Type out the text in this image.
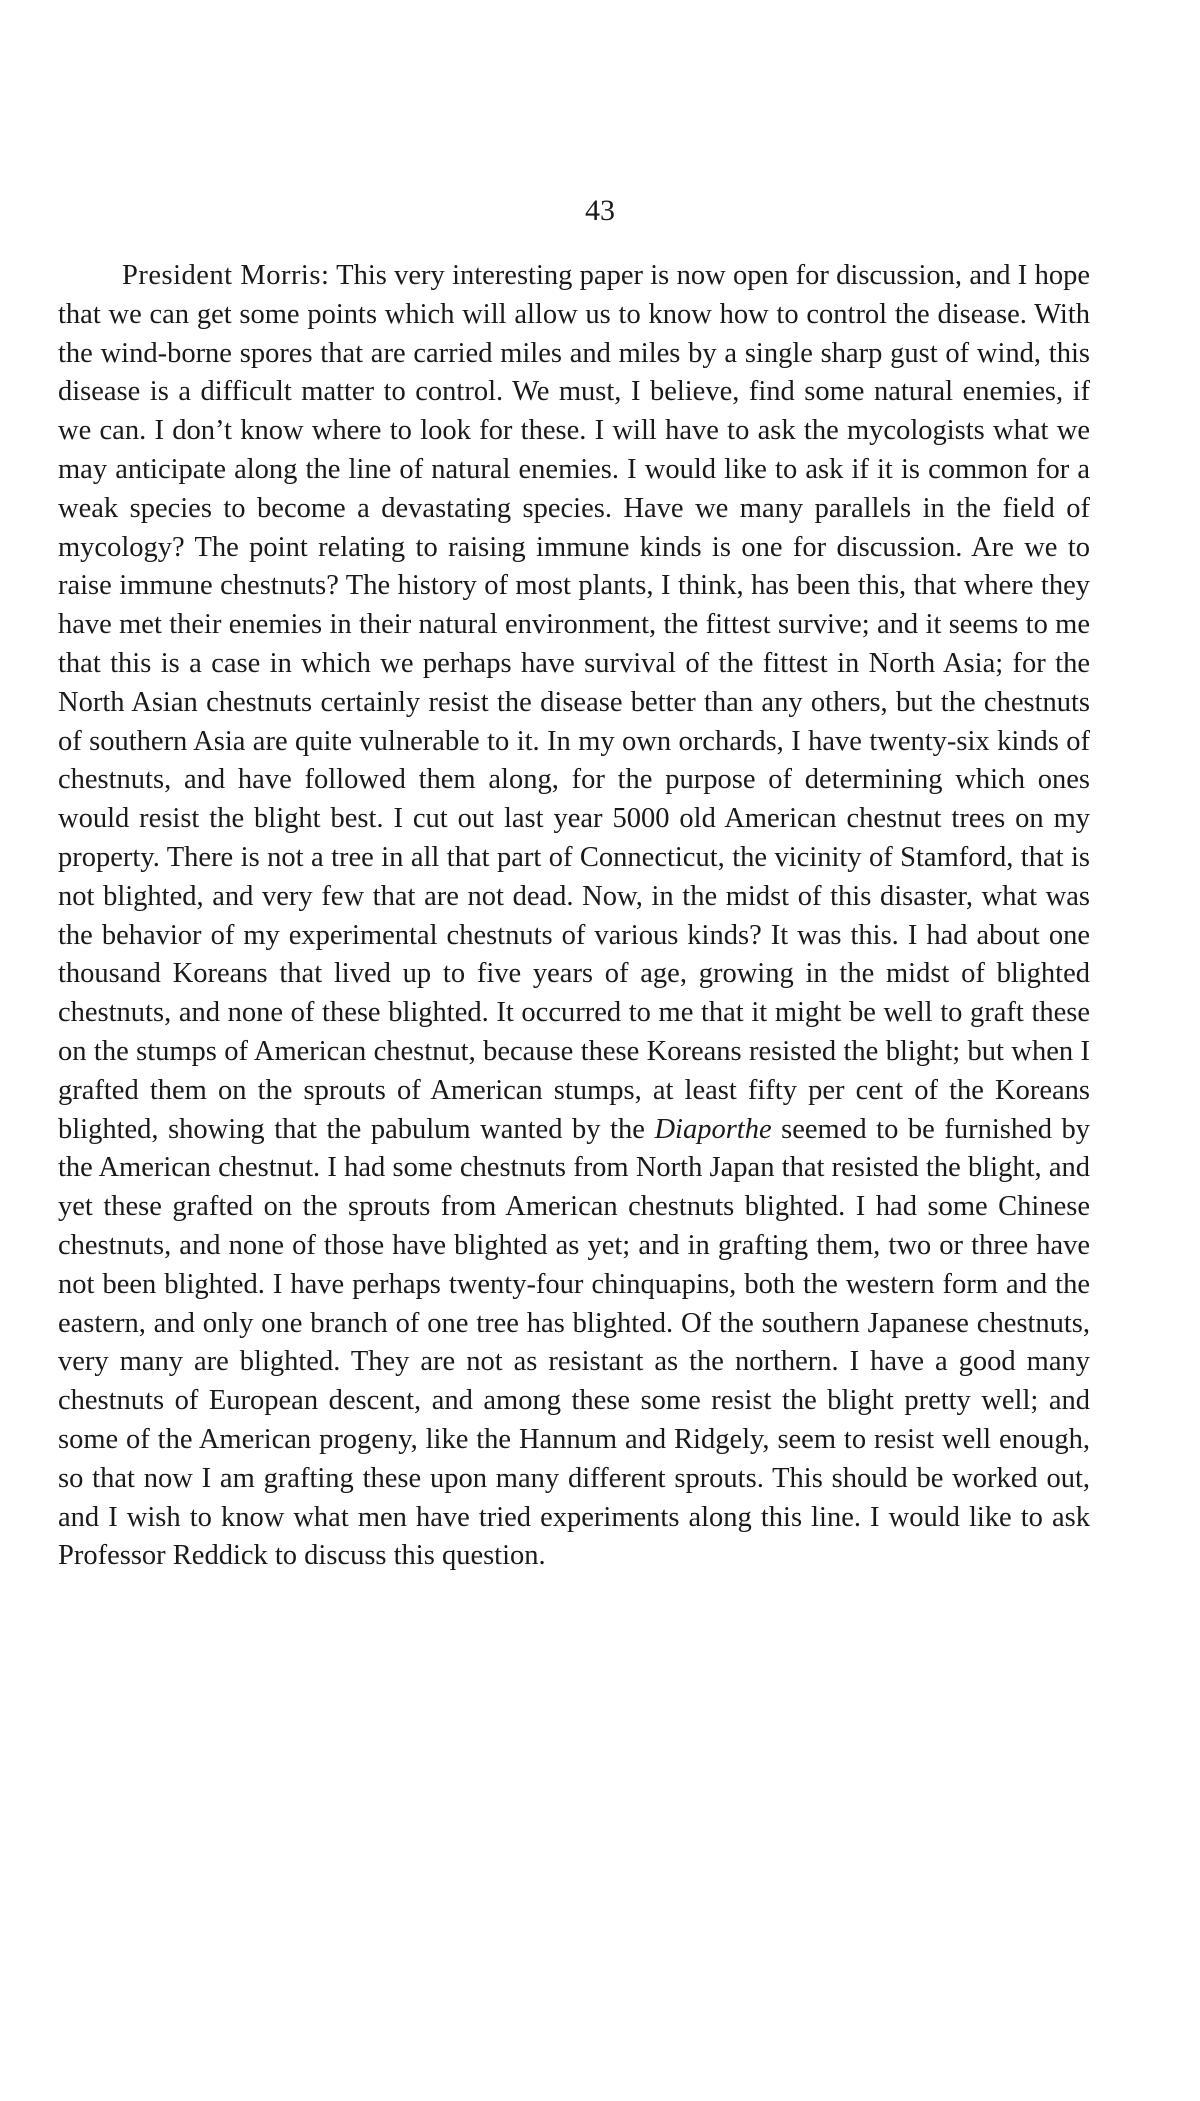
43

President Morris: This very interesting paper is now open for discussion, and I hope that we can get some points which will allow us to know how to control the disease. With the wind-borne spores that are carried miles and miles by a single sharp gust of wind, this disease is a difficult matter to control. We must, I believe, find some natural enemies, if we can. I don’t know where to look for these. I will have to ask the mycologists what we may anticipate along the line of natural enemies. I would like to ask if it is common for a weak species to become a devastating species. Have we many parallels in the field of mycology? The point relating to raising immune kinds is one for discussion. Are we to raise immune chestnuts? The history of most plants, I think, has been this, that where they have met their enemies in their natural environment, the fittest survive; and it seems to me that this is a case in which we perhaps have survival of the fittest in North Asia; for the North Asian chestnuts certainly resist the disease better than any others, but the chestnuts of southern Asia are quite vulnerable to it. In my own orchards, I have twenty-six kinds of chestnuts, and have followed them along, for the purpose of determining which ones would resist the blight best. I cut out last year 5000 old American chestnut trees on my property. There is not a tree in all that part of Connecticut, the vicinity of Stamford, that is not blighted, and very few that are not dead. Now, in the midst of this disaster, what was the behavior of my experimental chestnuts of various kinds? It was this. I had about one thousand Koreans that lived up to five years of age, growing in the midst of blighted chestnuts, and none of these blighted. It occurred to me that it might be well to graft these on the stumps of American chestnut, because these Koreans resisted the blight; but when I grafted them on the sprouts of American stumps, at least fifty per cent of the Koreans blighted, showing that the pabulum wanted by the Diaporthe seemed to be furnished by the American chestnut. I had some chestnuts from North Japan that resisted the blight, and yet these grafted on the sprouts from American chestnuts blighted. I had some Chinese chestnuts, and none of those have blighted as yet; and in grafting them, two or three have not been blighted. I have perhaps twenty-four chinquapins, both the western form and the eastern, and only one branch of one tree has blighted. Of the southern Japanese chestnuts, very many are blighted. They are not as resistant as the northern. I have a good many chestnuts of European descent, and among these some resist the blight pretty well; and some of the American progeny, like the Hannum and Ridgely, seem to resist well enough, so that now I am grafting these upon many different sprouts. This should be worked out, and I wish to know what men have tried experiments along this line. I would like to ask Professor Reddick to discuss this question.
